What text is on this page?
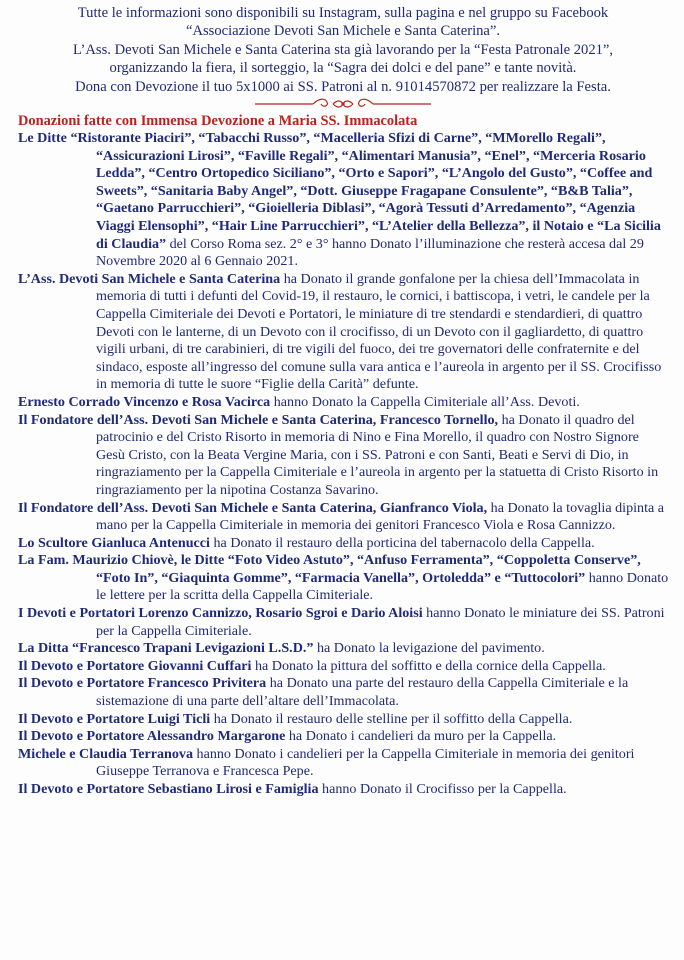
Tutte le informazioni sono disponibili su Instagram, sulla pagina e nel gruppo su Facebook

“Associazione Devoti San Michele e Santa Caterina”.

L’Ass. Devoti San Michele e Santa Caterina sta già lavorando per la “Festa Patronale 2021”,

organizzando la fiera, il sorteggio, la “Sagra dei dolci e del pane” e tante novità.

Dona con Devozione il tuo 5x1000 ai SS. Patroni al n. 91014570872 per realizzare la Festa.

Donazioni fatte con Immensa Devozione a Maria SS. Immacolata

Le Ditte “Ristorante Piaciri”, “Tabacchi Russo”, “Macelleria Sfizi di Carne”, “MMorello Regali”, “Assicurazioni Lirosi”, “Faville Regali”, “Alimentari Manusia”, “Enel”, “Merceria Rosario Ledda”, “Centro Ortopedico Siciliano”, “Orto e Sapori”, “L’Angolo del Gusto”, “Coffee and Sweets”, “Sanitaria Baby Angel”, “Dott. Giuseppe Fragapane Consulente”, “B&B Talia”, “Gaetano Parrucchieri”, “Gioielleria Diblasi”, “Agorà Tessuti d’Arredamento”, “Agenzia Viaggi Elensophi”, “Hair Line Parrucchieri”, “L’Atelier della Bellezza”, il Notaio e “La Sicilia di Claudia” del Corso Roma sez. 2° e 3° hanno Donato l’illuminazione che resterà accesa dal 29 Novembre 2020 al 6 Gennaio 2021.

L’Ass. Devoti San Michele e Santa Caterina ha Donato il grande gonfalone per la chiesa dell’Immacolata in memoria di tutti i defunti del Covid-19, il restauro, le cornici, i battiscopa, i vetri, le candele per la Cappella Cimiteriale dei Devoti e Portatori, le miniature di tre stendardi e stendardieri, di quattro Devoti con le lanterne, di un Devoto con il crocifisso, di un Devoto con il gagliardetto, di quattro vigili urbani, di tre carabinieri, di tre vigili del fuoco, dei tre governatori delle confraternite e del sindaco, esposte all’ingresso del comune sulla vara antica e l’aureola in argento per il SS. Crocifisso in memoria di tutte le suore “Figlie della Carità” defunte.

Ernesto Corrado Vincenzo e Rosa Vacirca hanno Donato la Cappella Cimiteriale all’Ass. Devoti.

Il Fondatore dell’Ass. Devoti San Michele e Santa Caterina, Francesco Tornello, ha Donato il quadro del patrocinio e del Cristo Risorto in memoria di Nino e Fina Morello, il quadro con Nostro Signore Gesù Cristo, con la Beata Vergine Maria, con i SS. Patroni e con Santi, Beati e Servi di Dio, in ringraziamento per la Cappella Cimiteriale e l’aureola in argento per la statuetta di Cristo Risorto in ringraziamento per la nipotina Costanza Savarino.

Il Fondatore dell’Ass. Devoti San Michele e Santa Caterina, Gianfranco Viola, ha Donato la tovaglia dipinta a mano per la Cappella Cimiteriale in memoria dei genitori Francesco Viola e Rosa Cannizzo.

Lo Scultore Gianluca Antenucci ha Donato il restauro della porticina del tabernacolo della Cappella.

La Fam. Maurizio Chiovè, le Ditte “Foto Video Astuto”, “Anfuso Ferramenta”, “Coppoletta Conserve”, “Foto In”, “Giaquinta Gomme”, “Farmacia Vanella”, Ortoledda” e “Tuttocolori” hanno Donato le lettere per la scritta della Cappella Cimiteriale.

I Devoti e Portatori Lorenzo Cannizzo, Rosario Sgroi e Dario Aloisi hanno Donato le miniature dei SS. Patroni per la Cappella Cimiteriale.

La Ditta “Francesco Trapani Levigazioni L.S.D.” ha Donato la levigazione del pavimento.

Il Devoto e Portatore Giovanni Cuffari ha Donato la pittura del soffitto e della cornice della Cappella.

Il Devoto e Portatore Francesco Privitera ha Donato una parte del restauro della Cappella Cimiteriale e la sistemazione di una parte dell’altare dell’Immacolata.

Il Devoto e Portatore Luigi Ticli ha Donato il restauro delle stelline per il soffitto della Cappella.

Il Devoto e Portatore Alessandro Margarone ha Donato i candelieri da muro per la Cappella.

Michele e Claudia Terranova hanno Donato i candelieri per la Cappella Cimiteriale in memoria dei genitori Giuseppe Terranova e Francesca Pepe.

Il Devoto e Portatore Sebastiano Lirosi e Famiglia hanno Donato il Crocifisso per la Cappella.
